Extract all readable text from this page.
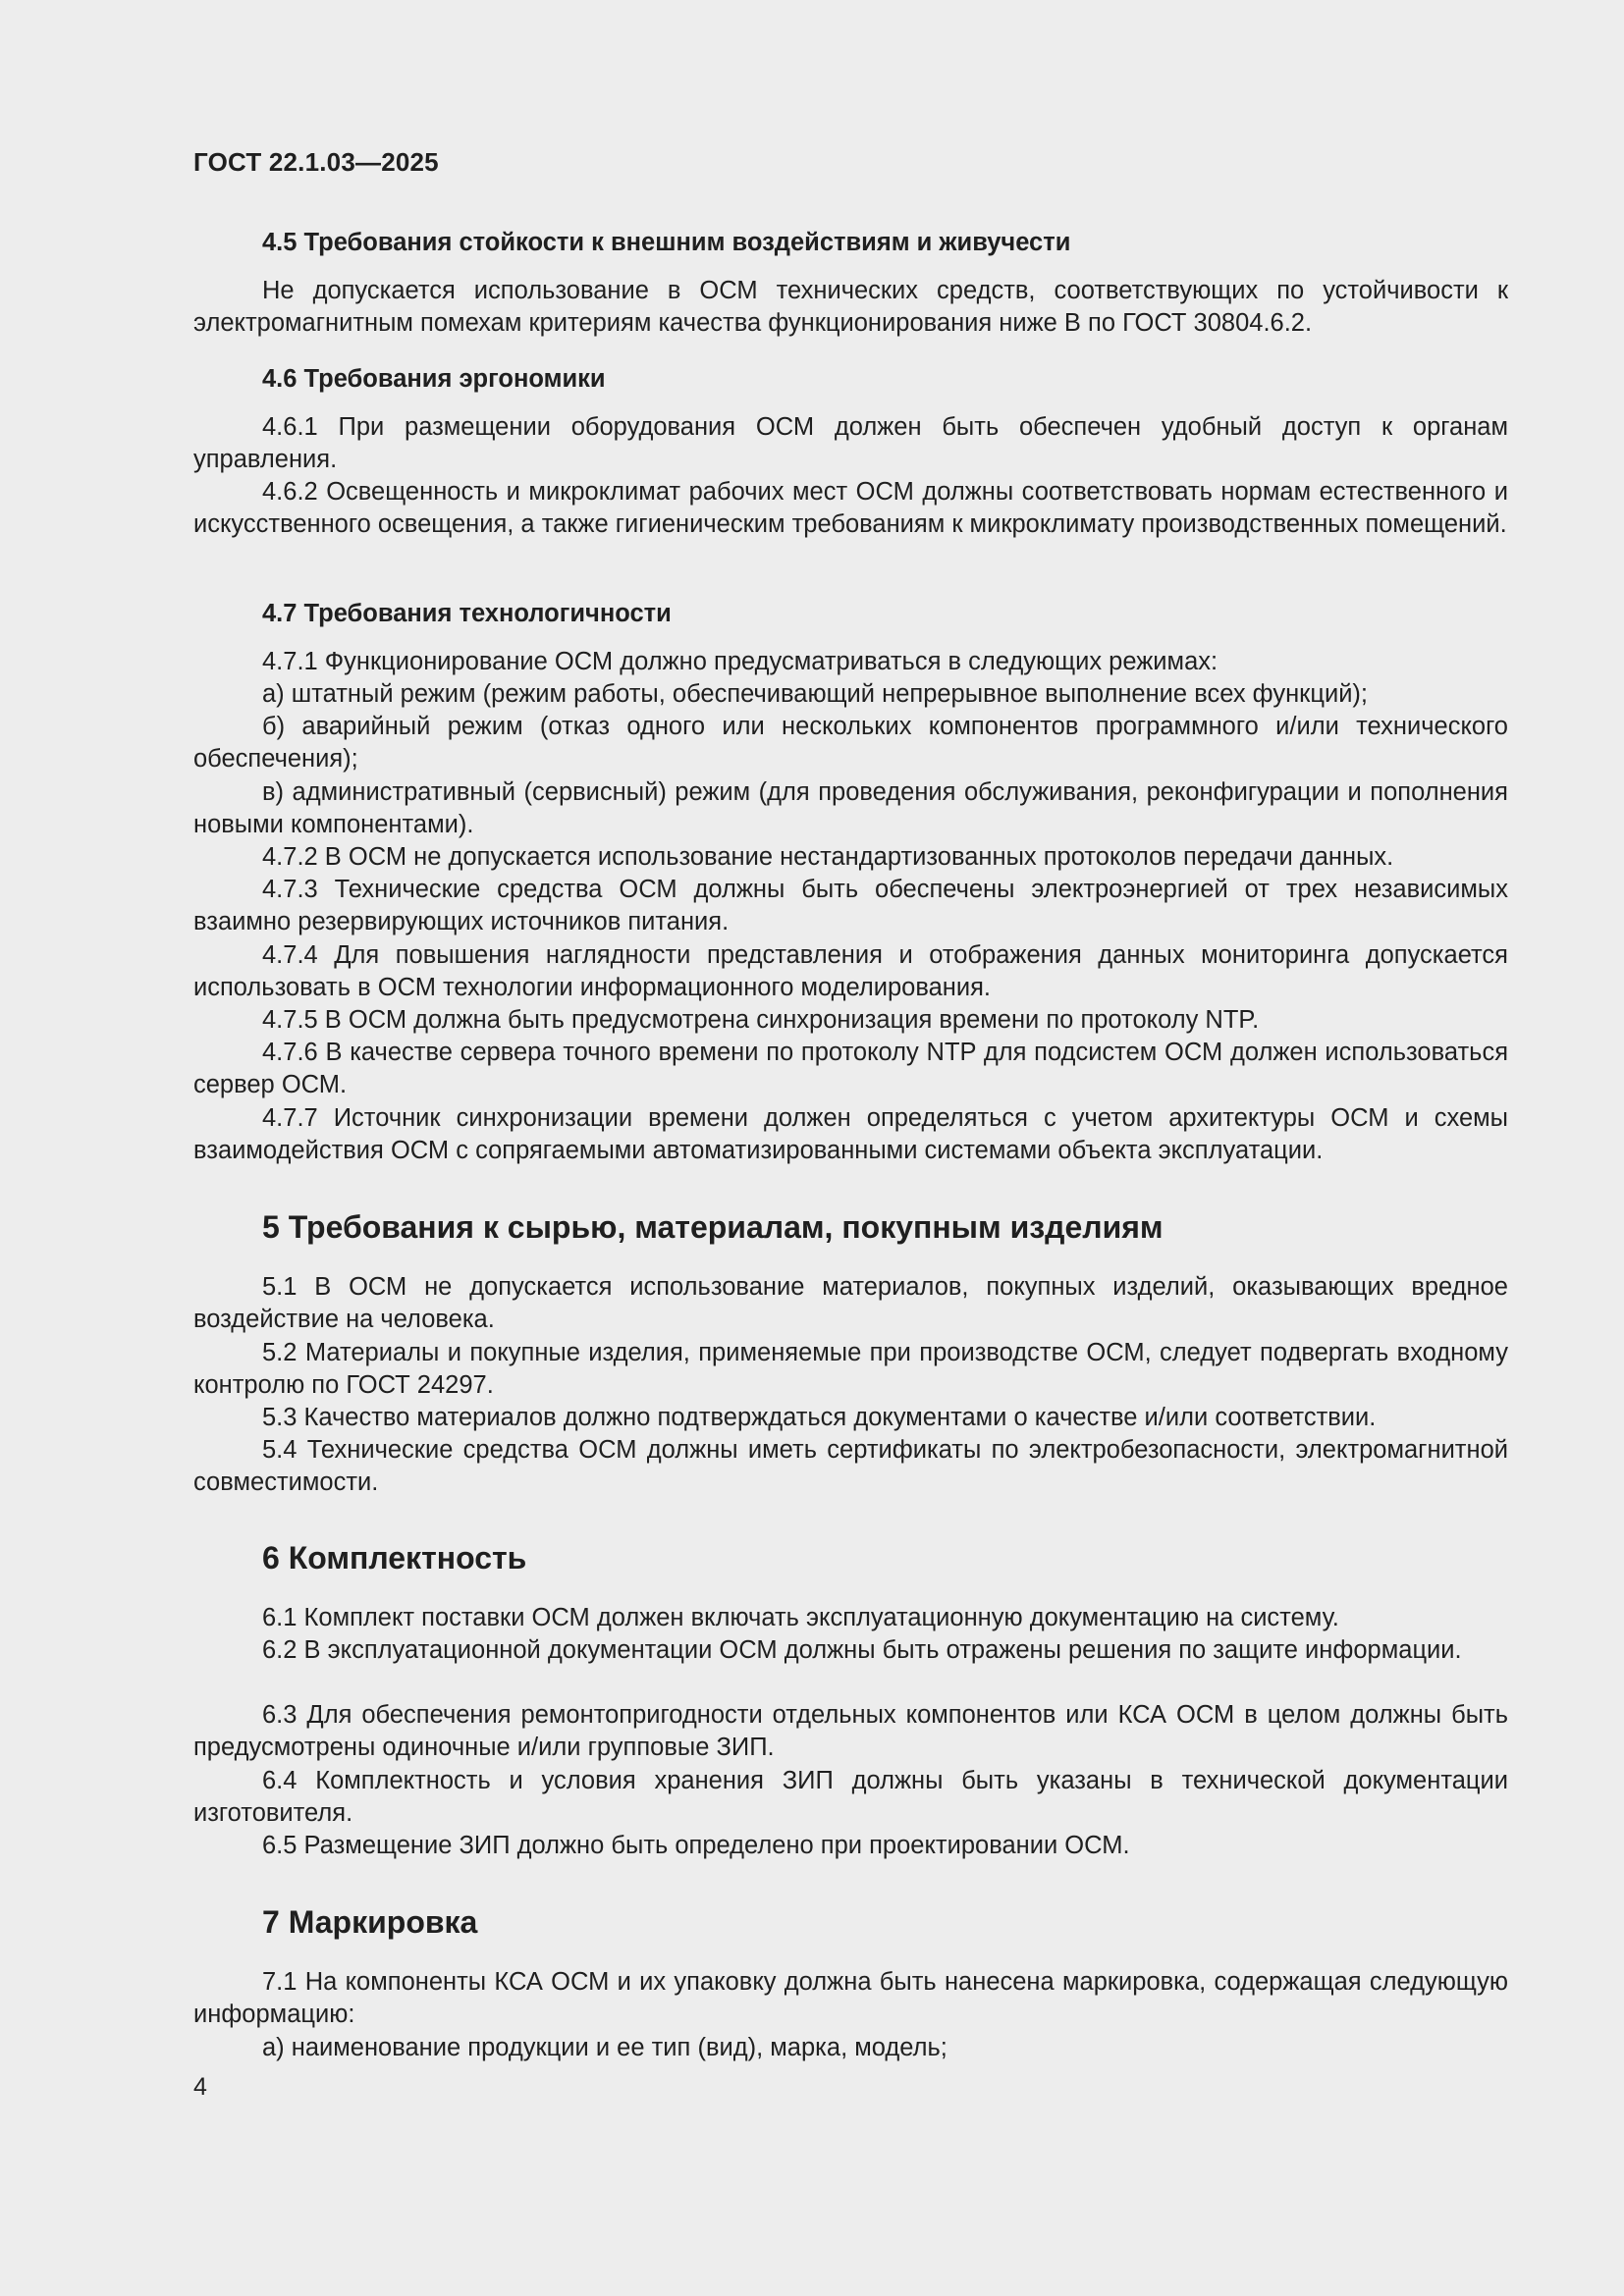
ГОСТ 22.1.03—2025

4.5 Требования стойкости к внешним воздействиям и живучести

Не допускается использование в ОСМ технических средств, соответствующих по устойчивости к электромагнитным помехам критериям качества функционирования ниже В по ГОСТ 30804.6.2.

4.6 Требования эргономики

4.6.1 При размещении оборудования ОСМ должен быть обеспечен удобный доступ к органам управления.

4.6.2 Освещенность и микроклимат рабочих мест ОСМ должны соответствовать нормам естественного и искусственного освещения, а также гигиеническим требованиям к микроклимату производственных помещений.

4.7 Требования технологичности

4.7.1 Функционирование ОСМ должно предусматриваться в следующих режимах:

а) штатный режим (режим работы, обеспечивающий непрерывное выполнение всех функций);

б) аварийный режим (отказ одного или нескольких компонентов программного и/или технического обеспечения);

в) административный (сервисный) режим (для проведения обслуживания, реконфигурации и пополнения новыми компонентами).

4.7.2 В ОСМ не допускается использование нестандартизованных протоколов передачи данных.

4.7.3 Технические средства ОСМ должны быть обеспечены электроэнергией от трех независимых взаимно резервирующих источников питания.

4.7.4 Для повышения наглядности представления и отображения данных мониторинга допускается использовать в ОСМ технологии информационного моделирования.

4.7.5 В ОСМ должна быть предусмотрена синхронизация времени по протоколу NTP.

4.7.6 В качестве сервера точного времени по протоколу NTP для подсистем ОСМ должен использоваться сервер ОСМ.

4.7.7 Источник синхронизации времени должен определяться с учетом архитектуры ОСМ и схемы взаимодействия ОСМ с сопрягаемыми автоматизированными системами объекта эксплуатации.

5 Требования к сырью, материалам, покупным изделиям

5.1 В ОСМ не допускается использование материалов, покупных изделий, оказывающих вредное воздействие на человека.

5.2 Материалы и покупные изделия, применяемые при производстве ОСМ, следует подвергать входному контролю по ГОСТ 24297.

5.3 Качество материалов должно подтверждаться документами о качестве и/или соответствии.

5.4 Технические средства ОСМ должны иметь сертификаты по электробезопасности, электромагнитной совместимости.

6 Комплектность

6.1 Комплект поставки ОСМ должен включать эксплуатационную документацию на систему.

6.2 В эксплуатационной документации ОСМ должны быть отражены решения по защите информации.

6.3 Для обеспечения ремонтопригодности отдельных компонентов или КСА ОСМ в целом должны быть предусмотрены одиночные и/или групповые ЗИП.

6.4 Комплектность и условия хранения ЗИП должны быть указаны в технической документации изготовителя.

6.5 Размещение ЗИП должно быть определено при проектировании ОСМ.

7 Маркировка

7.1 На компоненты КСА ОСМ и их упаковку должна быть нанесена маркировка, содержащая следующую информацию:

а) наименование продукции и ее тип (вид), марка, модель;

4
